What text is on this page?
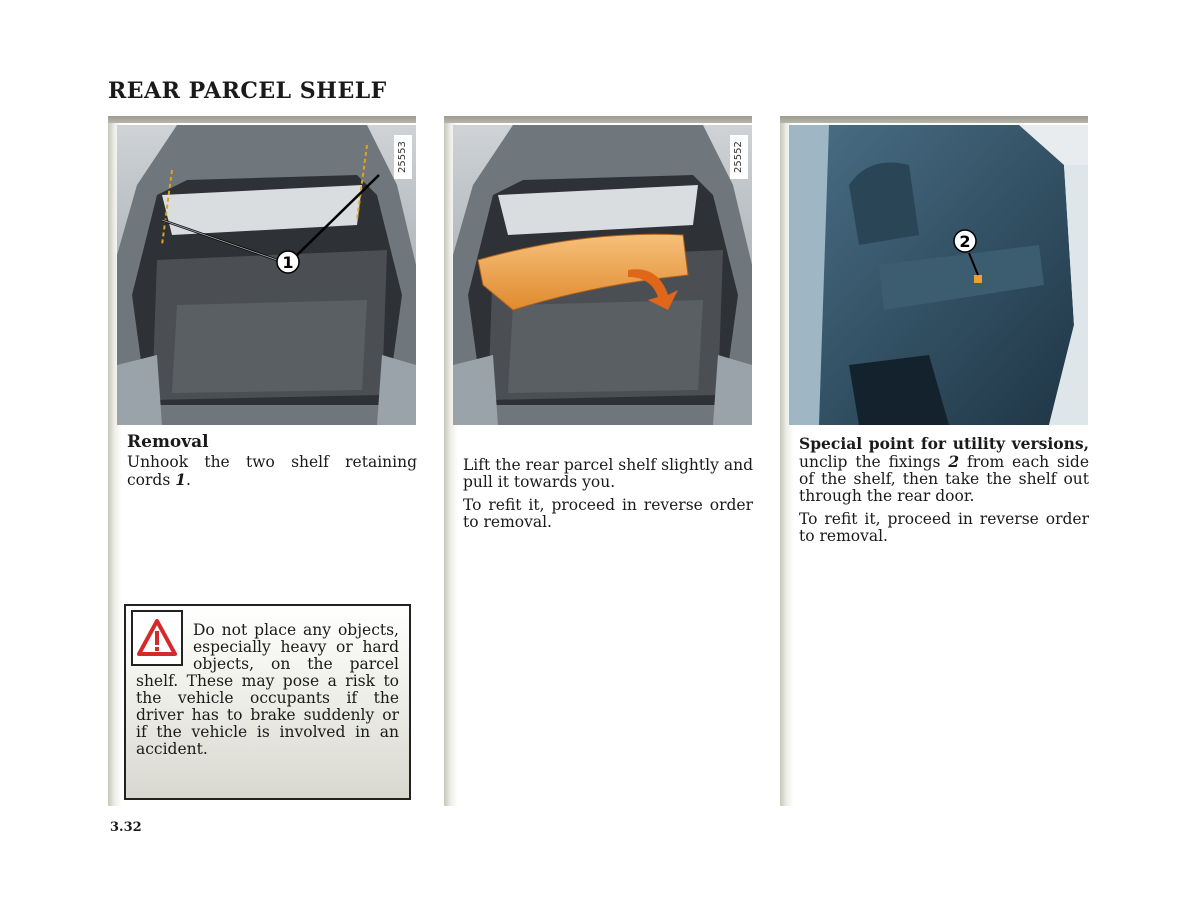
REAR PARCEL SHELF
1
25553
Removal

Unhook the two shelf retaining cords 1.

Do not place any objects, especially heavy or hard objects, on the parcel shelf. These may pose a risk to the vehicle occupants if the driver has to brake suddenly or if the vehicle is involved in an accident.
25552

Lift the rear parcel shelf slightly and pull it towards you.

To refit it, proceed in reverse order to removal.

2

Special point for utility versions, unclip the fixings 2 from each side of the shelf, then take the shelf out through the rear door.

To refit it, proceed in reverse order to removal.

3.32
